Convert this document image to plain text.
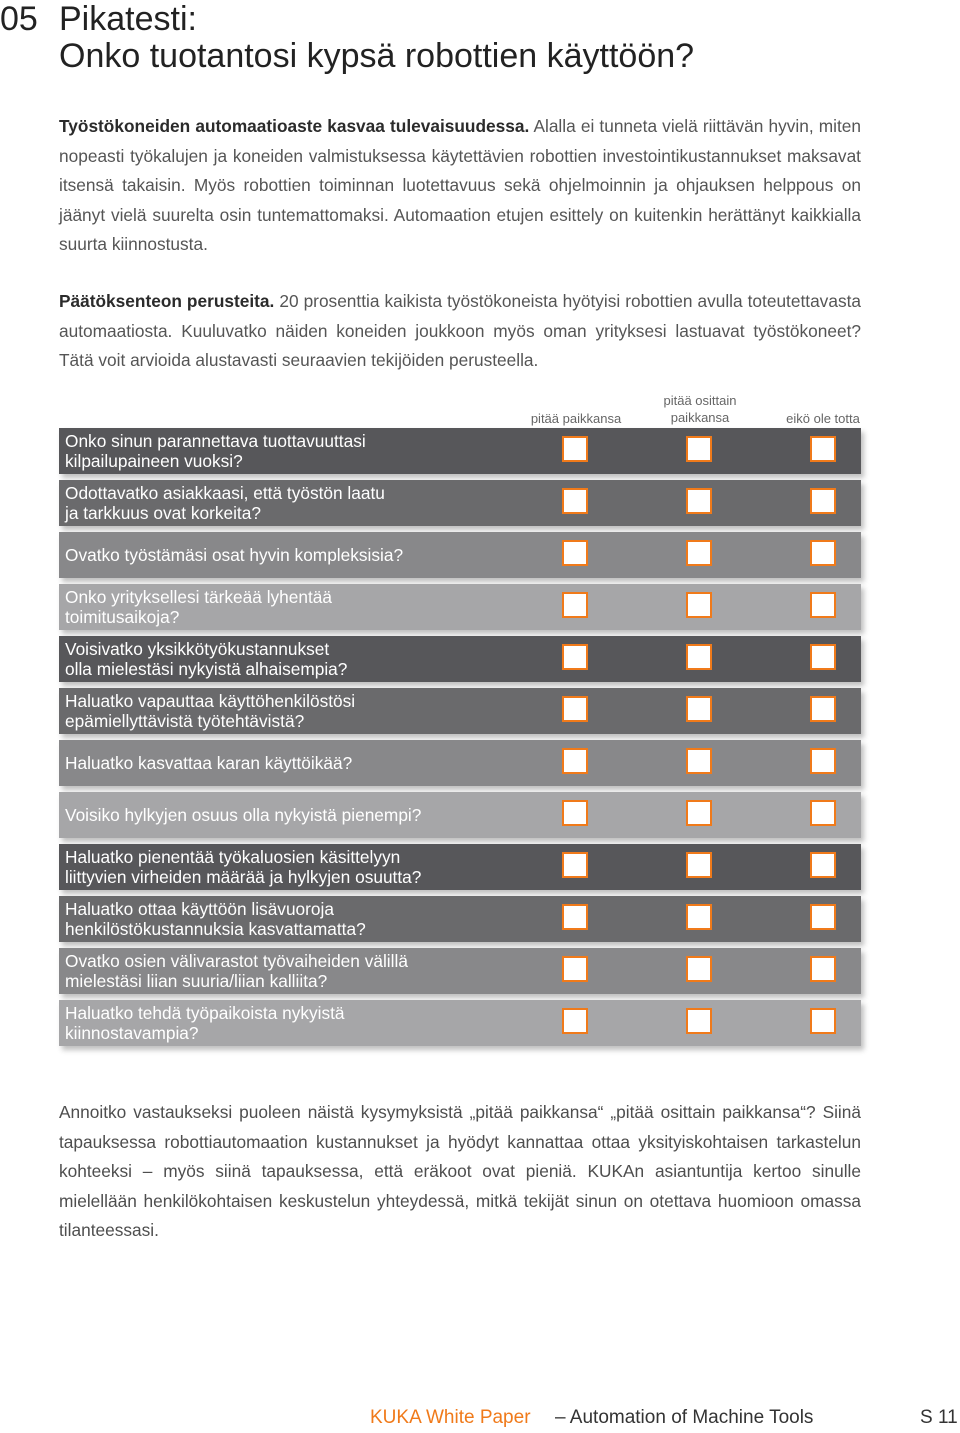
05 Pikatesti:
Onko tuotantosi kypsä robottien käyttöön?

Työstökoneiden automaatioaste kasvaa tulevaisuudessa. Alalla ei tunneta vielä riittävän hyvin, miten nopeasti työkalujen ja koneiden valmistuksessa käytettävien robottien investointikustannukset maksavat itsensä takaisin. Myös robottien toiminnan luotettavuus sekä ohjelmoinnin ja ohjauksen helppous on jäänyt vielä suurelta osin tuntemattomaksi. Automaation etujen esittely on kuitenkin herättänyt kaikkialla suurta kiinnostusta.

Päätöksenteon perusteita. 20 prosenttia kaikista työstökoneista hyötyisi robottien avulla toteutettavasta automaatiosta. Kuuluvatko näiden koneiden joukkoon myös oman yrityksesi lastuavat työstökoneet? Tätä voit arvioida alustavasti seuraavien tekijöiden perusteella.

pitää paikkansa
pitää osittain
paikkansa	eikö ole totta
Onko sinun parannettava tuottavuuttasi
kilpailupaineen vuoksi?
Odottavatko asiakkaasi, että työstön laatu
ja tarkkuus ovat korkeita?
Ovatko työstämäsi osat hyvin kompleksisia?
Onko yrityksellesi tärkeää lyhentää
toimitusaikoja?
Voisivatko yksikkötyökustannukset
olla mielestäsi nykyistä alhaisempia?
Haluatko vapauttaa käyttöhenkilöstösi
epämiellyttävistä työtehtävistä?
Haluatko kasvattaa karan käyttöikää?
Voisiko hylkyjen osuus olla nykyistä pienempi?
Haluatko pienentää työkaluosien käsittelyyn
liittyvien virheiden määrää ja hylkyjen osuutta?
Haluatko ottaa käyttöön lisävuoroja
henkilöstökustannuksia kasvattamatta?
Ovatko osien välivarastot työvaiheiden välillä
mielestäsi liian suuria/liian kalliita?
Haluatko tehdä työpaikoista nykyistä
kiinnostavampia?

Annoitko vastaukseksi puoleen näistä kysymyksistä „pitää paikkansa“ „pitää osittain paikkansa“? Siinä tapauksessa robottiautomaation kustannukset ja hyödyt kannattaa ottaa yksityiskohtaisen tarkastelun kohteeksi – myös siinä tapauksessa, että eräkoot ovat pieniä. KUKAn asiantuntija kertoo sinulle mielellään henkilökohtaisen keskustelun yhteydessä, mitkä tekijät sinun on otettava huomioon omassa tilanteessasi.

KUKA White Paper – Automation of Machine Tools	S 11
